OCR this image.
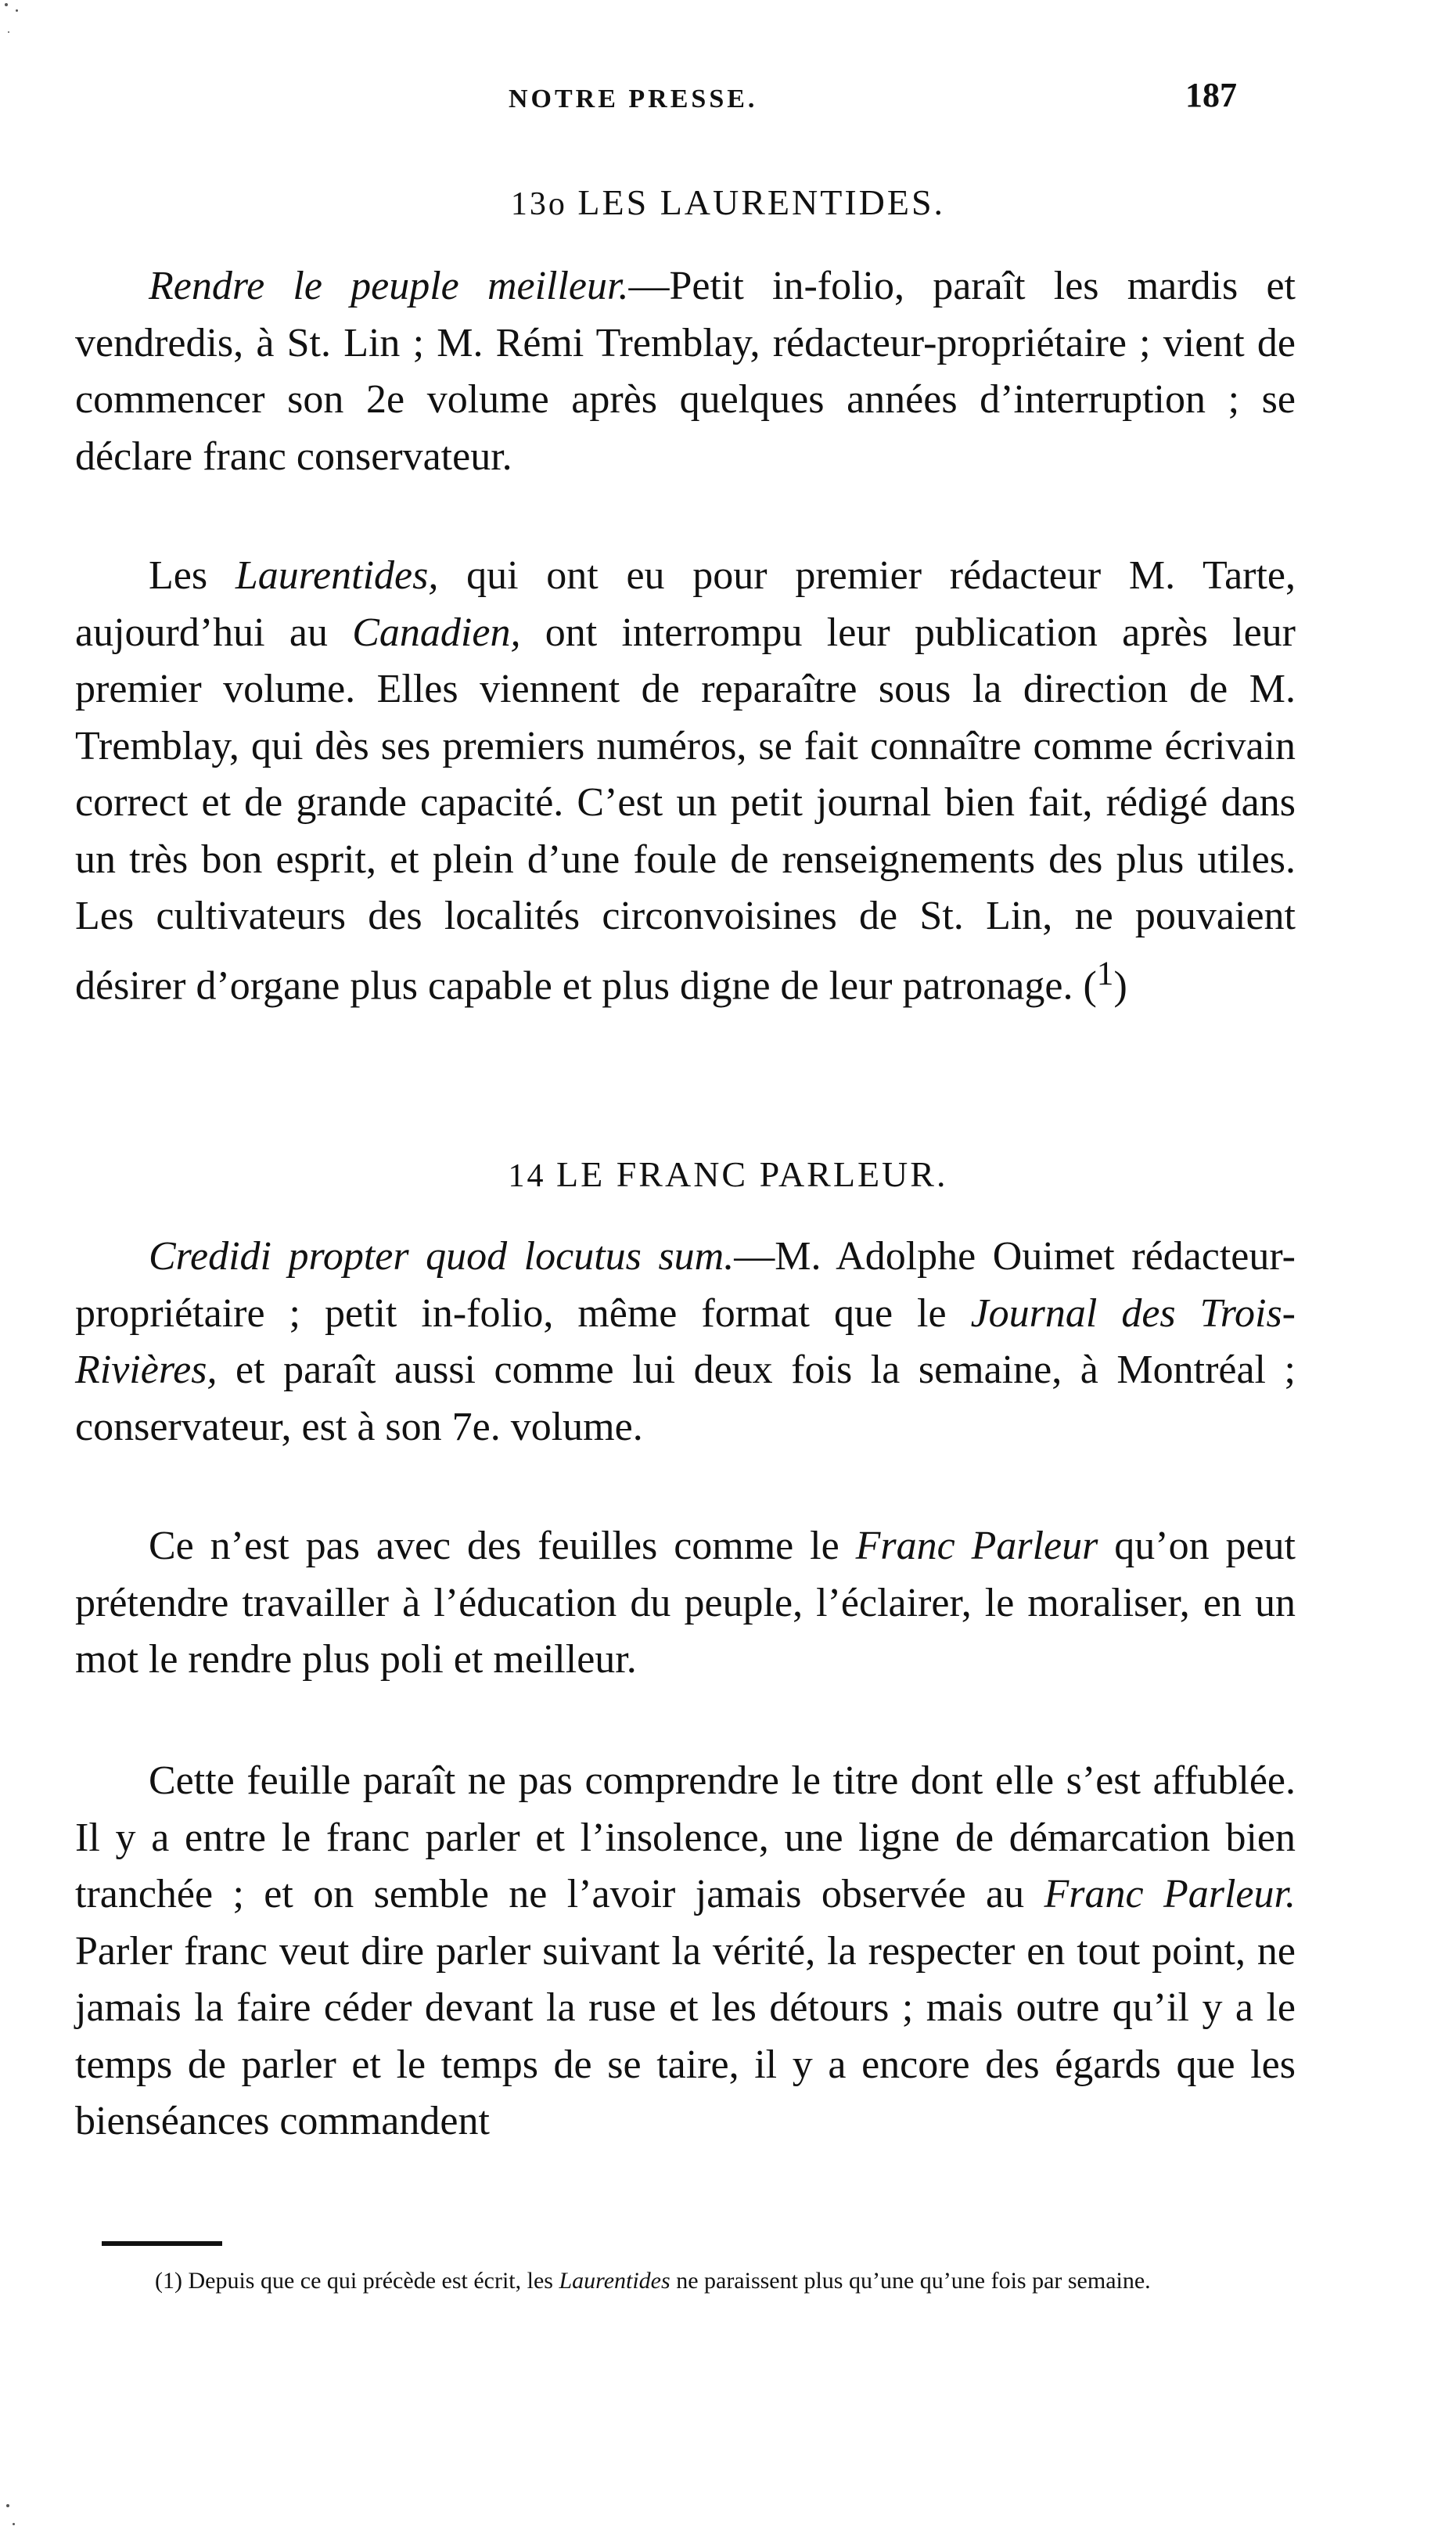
NOTRE PRESSE.	187
13o LES LAURENTIDES.

Rendre le peuple meilleur.—Petit in-folio, paraît les mardis et vendredis, à St. Lin ; M. Rémi Tremblay, rédacteur-propriétaire ; vient de commencer son 2e volume après quelques années d’interruption ; se déclare franc conservateur.

Les Laurentides, qui ont eu pour premier rédacteur M. Tarte, aujourd’hui au Canadien, ont interrompu leur publication après leur premier volume. Elles viennent de reparaître sous la direction de M. Tremblay, qui dès ses premiers numéros, se fait connaître comme écrivain correct et de grande capacité. C’est un petit journal bien fait, rédigé dans un très bon esprit, et plein d’une foule de renseignements des plus utiles. Les cultivateurs des localités circonvoisines de St. Lin, ne pouvaient désirer d’organe plus capable et plus digne de leur patronage. ($^1$)

14 LE FRANC PARLEUR.

Credidi propter quod locutus sum.—M. Adolphe Ouimet rédacteur-propriétaire ; petit in-folio, même format que le Journal des Trois-Rivières, et paraît aussi comme lui deux fois la semaine, à Montréal ; conservateur, est à son 7e. volume.

Ce n’est pas avec des feuilles comme le Franc Parleur qu’on peut prétendre travailler à l’éducation du peuple, l’éclairer, le moraliser, en un mot le rendre plus poli et meilleur.

Cette feuille paraît ne pas comprendre le titre dont elle s’est affublée. Il y a entre le franc parler et l’insolence, une ligne de démarcation bien tranchée ; et on semble ne l’avoir jamais observée au Franc Parleur. Parler franc veut dire parler suivant la vérité, la respecter en tout point, ne jamais la faire céder devant la ruse et les détours ; mais outre qu’il y a le temps de parler et le temps de se taire, il y a encore des égards que les bienséances commandent

(1) Depuis que ce qui précède est écrit, les Laurentides ne paraissent plus qu’une qu’une fois par semaine.
